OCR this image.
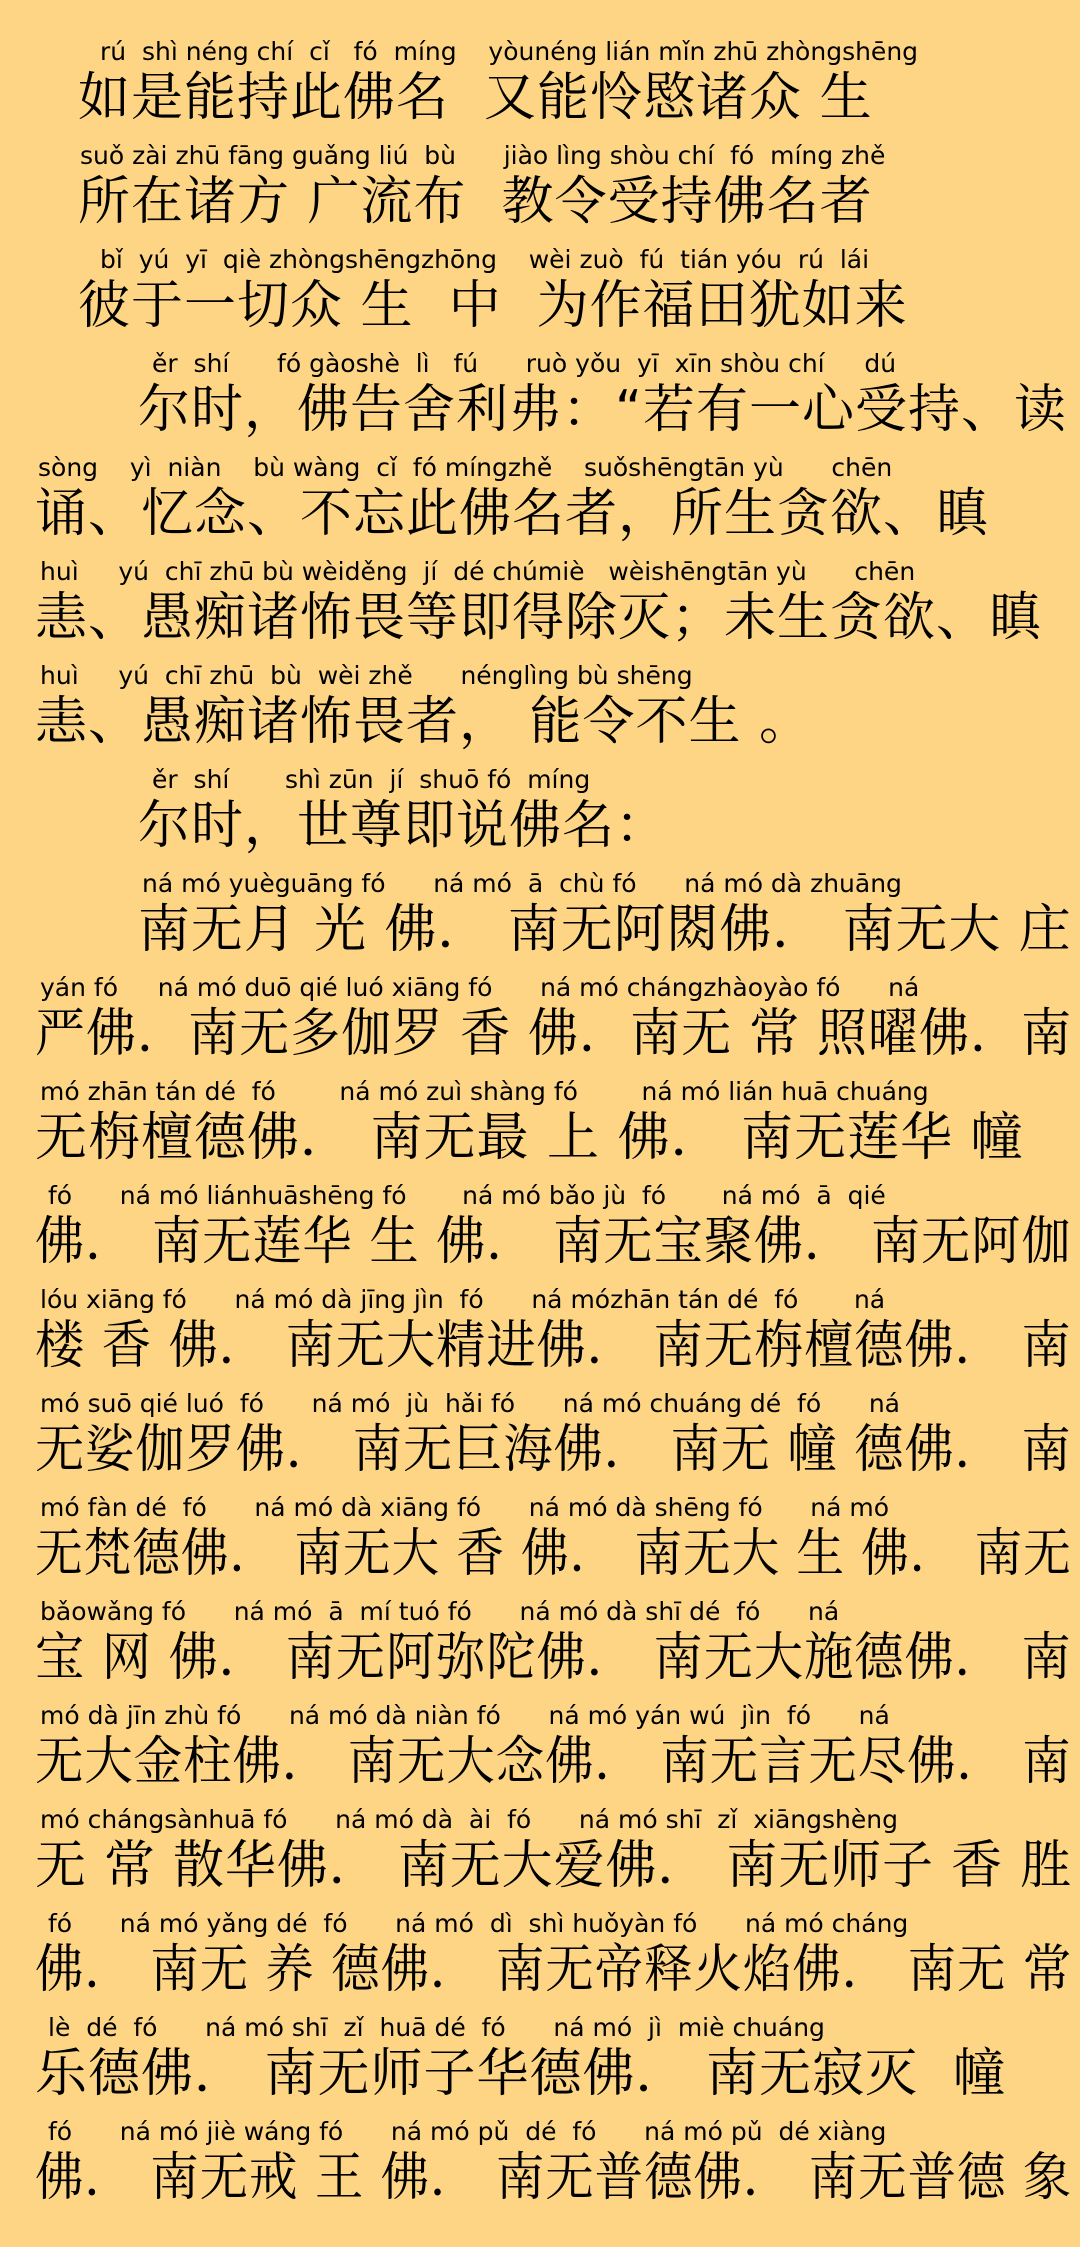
rú  shì néng chí  cǐ   fó  míng    yòunéng lián mǐn zhū zhòngshēng
如是能持此佛名  又能怜愍诸众 生
suǒ zài zhū fāng guǎng liú  bù      jiào lìng shòu chí  fó  míng zhě
所在诸方 广流布  教令受持佛名者
bǐ  yú  yī  qiè zhòngshēngzhōng    wèi zuò  fú  tián yóu  rú  lái
彼于一切众 生  中  为作福田犹如来
ěr  shí      fó gàoshè  lì   fú      ruò yǒu  yī  xīn shòu chí     dú
尔时，佛告舍利弗：“若有一心受持、读
sòng    yì  niàn    bù wàng  cǐ  fó míngzhě    suǒshēngtān yù      chēn
诵、忆念、不忘此佛名者，所生贪欲、瞋
huì     yú  chī zhū bù wèiděng  jí  dé chúmiè   wèishēngtān yù      chēn
恚、愚痴诸怖畏等即得除灭；未生贪欲、瞋
huì     yú  chī zhū  bù  wèi zhě      nénglìng bù shēng
恚、愚痴诸怖畏者， 能令不生 。
ěr  shí       shì zūn  jí  shuō fó  míng
尔时，世尊即说佛名：
ná mó yuèguāng fó      ná mó  ā  chù fó      ná mó dà zhuāng
南无月 光 佛． 南无阿閦佛． 南无大 庄
yán fó     ná mó duō qié luó xiāng fó      ná mó chángzhàoyào fó      ná
严佛．南无多伽罗 香 佛．南无 常 照曜佛．南
mó zhān tán dé  fó        ná mó zuì shàng fó        ná mó lián huā chuáng
无栴檀德佛． 南无最 上 佛． 南无莲华 幢
fó      ná mó liánhuāshēng fó       ná mó bǎo jù  fó       ná mó  ā  qié
佛． 南无莲华 生 佛． 南无宝聚佛． 南无阿伽
lóu xiāng fó      ná mó dà jīng jìn  fó      ná mózhān tán dé  fó       ná
楼 香 佛． 南无大精进佛． 南无栴檀德佛． 南
mó suō qié luó  fó      ná mó  jù  hǎi fó      ná mó chuáng dé  fó      ná
无娑伽罗佛． 南无巨海佛． 南无 幢 德佛． 南
mó fàn dé  fó      ná mó dà xiāng fó      ná mó dà shēng fó      ná mó
无梵德佛． 南无大 香 佛． 南无大 生 佛． 南无
bǎowǎng fó      ná mó  ā  mí tuó fó      ná mó dà shī dé  fó      ná
宝 网 佛． 南无阿弥陀佛． 南无大施德佛． 南
mó dà jīn zhù fó      ná mó dà niàn fó      ná mó yán wú  jìn  fó      ná
无大金柱佛． 南无大念佛． 南无言无尽佛． 南
mó chángsànhuā fó      ná mó dà  ài  fó      ná mó shī  zǐ  xiāngshèng
无 常 散华佛． 南无大爱佛． 南无师子 香 胜
fó      ná mó yǎng dé  fó      ná mó  dì  shì huǒyàn fó      ná mó cháng
佛． 南无 养 德佛． 南无帝释火焰佛． 南无 常
lè  dé  fó      ná mó shī  zǐ  huā dé  fó      ná mó  jì  miè chuáng
乐德佛． 南无师子华德佛． 南无寂灭  幢
fó      ná mó jiè wáng fó      ná mó pǔ  dé  fó      ná mó pǔ  dé xiàng
佛． 南无戒 王 佛． 南无普德佛． 南无普德 象
